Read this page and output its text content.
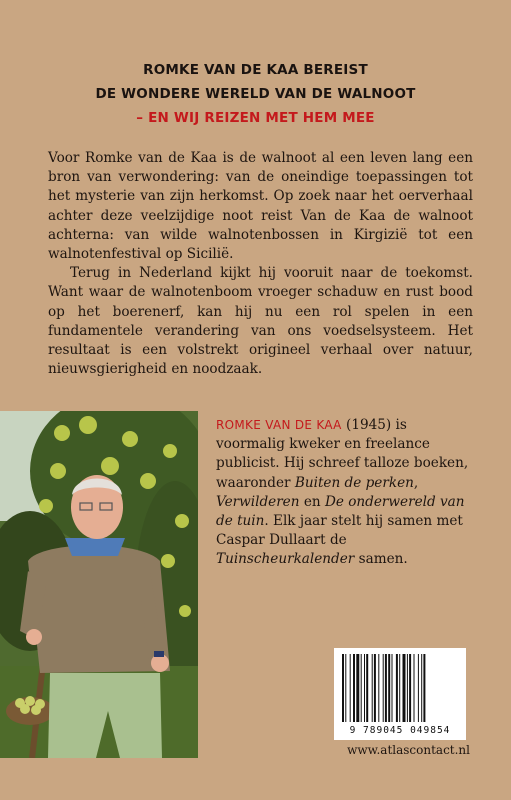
ROMKE VAN DE KAA BEREIST
DE WONDERE WERELD VAN DE WALNOOT
– EN WIJ REIZEN MET HEM MEE

Voor Romke van de Kaa is de walnoot al een leven lang een bron van verwondering: van de oneindige toepassingen tot het mysterie van zijn herkomst. Op zoek naar het oerverhaal achter deze veelzijdige noot reist Van de Kaa de walnoot achterna: van wilde walnotenbossen in Kirgizië tot een walnotenfestival op Sicilië.

Terug in Nederland kijkt hij vooruit naar de toekomst. Want waar de walnotenboom vroeger schaduw en rust bood op het boerenerf, kan hij nu een rol spelen in een fundamentele verandering van ons voedselsysteem. Het resultaat is een volstrekt origineel verhaal over natuur, nieuwsgierigheid en noodzaak.

ROMKE VAN DE KAA (1945) is voormalig kweker en freelance publicist. Hij schreef talloze boeken, waaronder Buiten de perken, Verwilderen en De onderwereld van de tuin. Elk jaar stelt hij samen met Caspar Dullaart de Tuinscheurkalender samen.
9 789045 049854
www.atlascontact.nl
